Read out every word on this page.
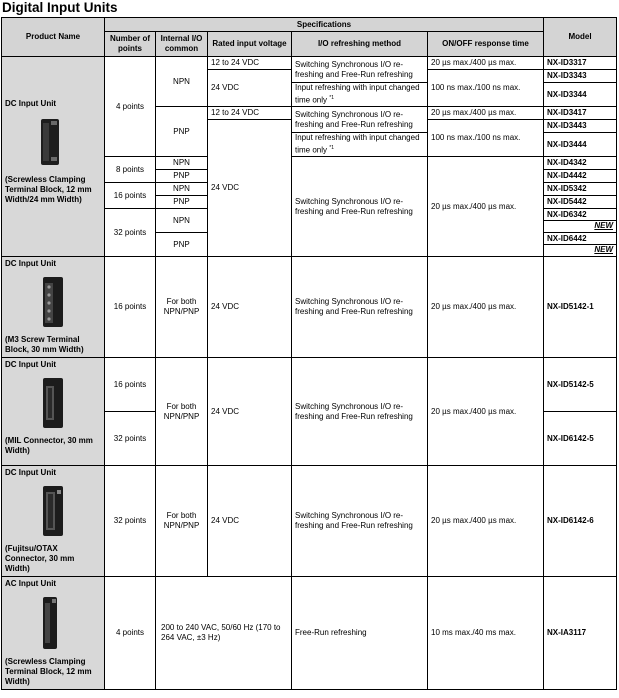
Digital Input Units
Product Name	Specifications					Model
	Number of points	Internal I/O common	Rated input voltage	I/O refreshing method	ON/OFF response time	

DC Input Unit
(Screwless Clamping Terminal Block, 12 mm Width/24 mm Width)	4 points	NPN	12 to 24 VDC	Switching Synchronous I/O re-freshing and Free-Run refreshing	20 µs max./400 µs max.	NX-ID3317
			24 VDC		100 ns max./100 ns max.	NX-ID3343
				Input refreshing with input changed time only $^{*1}$		NX-ID3344
		PNP	12 to 24 VDC	Switching Synchronous I/O re-freshing and Free-Run refreshing	20 µs max./400 µs max.	NX-ID3417
			24 VDC		100 ns max./100 ns max.	NX-ID3443
				Input refreshing with input changed time only $^{*1}$		NX-ID3444
	8 points	NPN		Switching Synchronous I/O re-freshing and Free-Run refreshing	20 µs max./400 µs max.	NX-ID4342
		PNP				NX-ID4442
	16 points	NPN				NX-ID5342
		PNP				NX-ID5442
	32 points	NPN				NX-ID6342

						NEW

		PNP				NX-ID6442

						NEW

DC Input Unit
(M3 Screw Terminal Block, 30 mm Width)	16 points	For both NPN/PNP	24 VDC	Switching Synchronous I/O re-freshing and Free-Run refreshing	20 µs max./400 µs max.	NX-ID5142-1

DC Input Unit
(MIL Connector, 30 mm Width)	16 points	For both NPN/PNP	24 VDC	Switching Synchronous I/O re-freshing and Free-Run refreshing	20 µs max./400 µs max.	NX-ID5142-5
	32 points					NX-ID6142-5

DC Input Unit
(Fujitsu/OTAX Connector, 30 mm Width)	32 points	For both NPN/PNP	24 VDC	Switching Synchronous I/O re-freshing and Free-Run refreshing	20 µs max./400 µs max.	NX-ID6142-6

AC Input Unit
(Screwless Clamping Terminal Block, 12 mm Width)	4 points	200 to 240 VAC, 50/60 Hz (170 to 264 VAC, ±3 Hz)		Free-Run refreshing	10 ms max./40 ms max.	NX-IA3117
